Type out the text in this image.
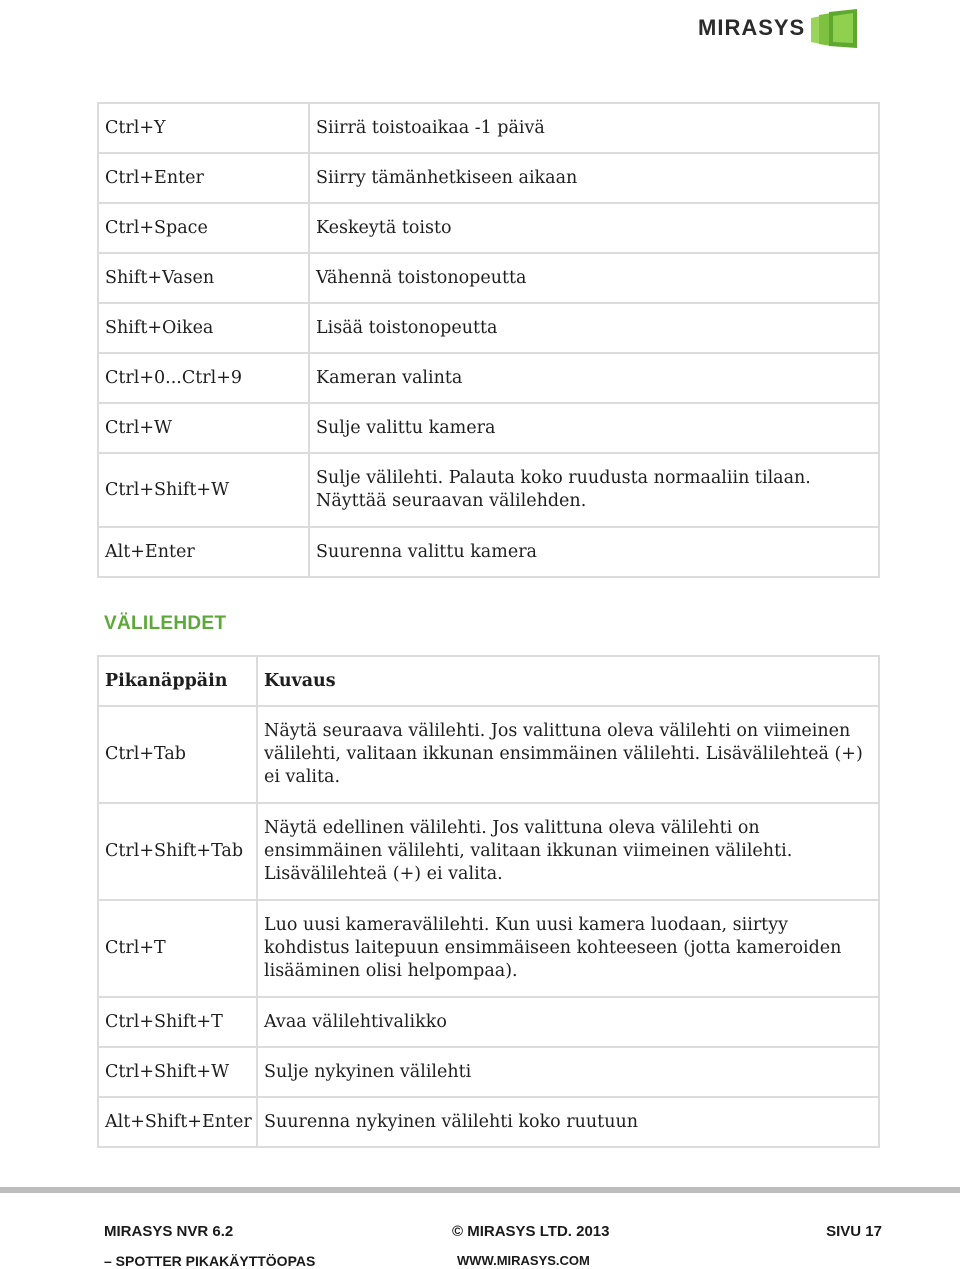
MIRASYS
Ctrl+Y	Siirrä toistoaikaa -1 päivä
Ctrl+Enter	Siirry tämänhetkiseen aikaan
Ctrl+Space	Keskeytä toisto
Shift+Vasen	Vähennä toistonopeutta
Shift+Oikea	Lisää toistonopeutta
Ctrl+0...Ctrl+9	Kameran valinta
Ctrl+W	Sulje valittu kamera
Ctrl+Shift+W	Sulje välilehti. Palauta koko ruudusta normaaliin tilaan. Näyttää seuraavan välilehden.
Alt+Enter	Suurenna valittu kamera
VÄLILEHDET
Pikanäppäin	Kuvaus
Ctrl+Tab	Näytä seuraava välilehti. Jos valittuna oleva välilehti on viimeinen välilehti, valitaan ikkunan ensimmäinen välilehti. Lisävälilehteä (+) ei valita.
Ctrl+Shift+Tab	Näytä edellinen välilehti. Jos valittuna oleva välilehti on ensimmäinen välilehti, valitaan ikkunan viimeinen välilehti. Lisävälilehteä (+) ei valita.
Ctrl+T	Luo uusi kameravälilehti. Kun uusi kamera luodaan, siirtyy kohdistus laitepuun ensimmäiseen kohteeseen (jotta kameroiden lisääminen olisi helpompaa).
Ctrl+Shift+T	Avaa välilehtivalikko
Ctrl+Shift+W	Sulje nykyinen välilehti
Alt+Shift+Enter	Suurenna nykyinen välilehti koko ruutuun
MIRASYS NVR 6.2	© MIRASYS LTD. 2013	SIVU 17
– SPOTTER PIKAKÄYTTÖOPAS	WWW.MIRASYS.COM
